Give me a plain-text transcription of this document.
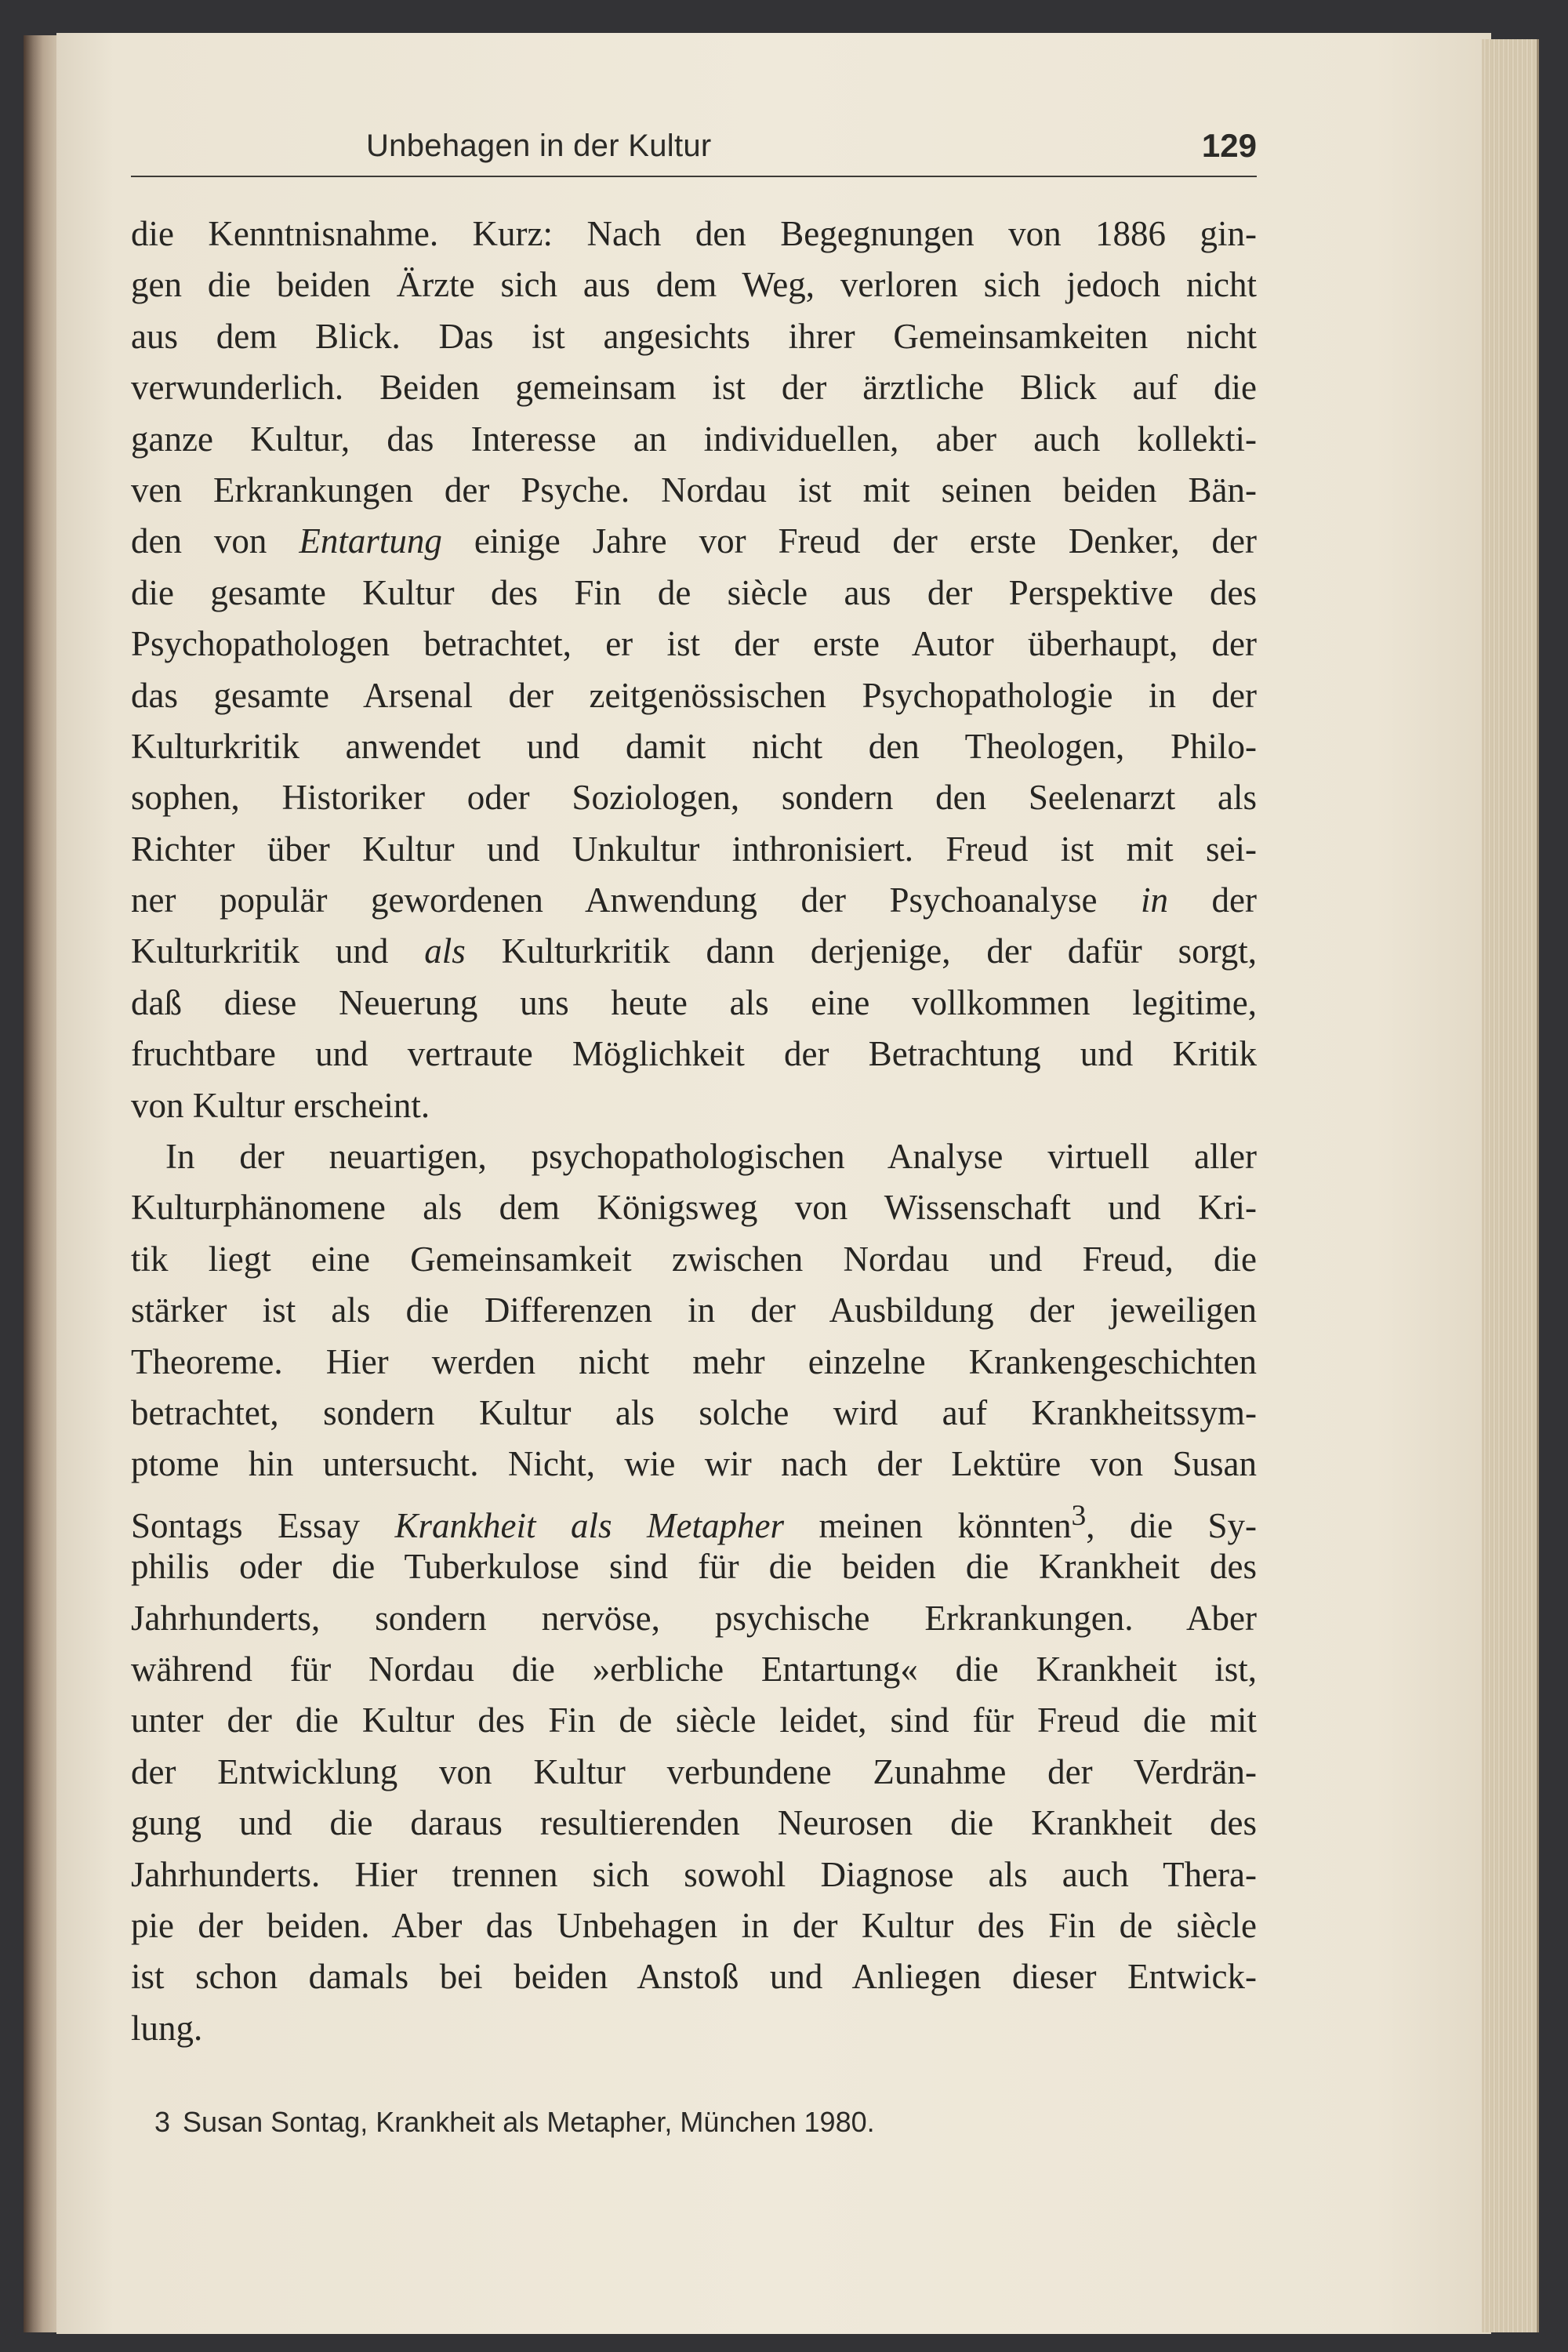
Unbehagen in der Kultur	129
die Kenntnisnahme. Kurz: Nach den Begegnungen von 1886 gin-
gen die beiden Ärzte sich aus dem Weg, verloren sich jedoch nicht
aus dem Blick. Das ist angesichts ihrer Gemeinsamkeiten nicht
verwunderlich. Beiden gemeinsam ist der ärztliche Blick auf die
ganze Kultur, das Interesse an individuellen, aber auch kollekti-
ven Erkrankungen der Psyche. Nordau ist mit seinen beiden Bän-
den von Entartung einige Jahre vor Freud der erste Denker, der
die gesamte Kultur des Fin de siècle aus der Perspektive des
Psychopathologen betrachtet, er ist der erste Autor überhaupt, der
das gesamte Arsenal der zeitgenössischen Psychopathologie in der
Kulturkritik anwendet und damit nicht den Theologen, Philo-
sophen, Historiker oder Soziologen, sondern den Seelenarzt als
Richter über Kultur und Unkultur inthronisiert. Freud ist mit sei-
ner populär gewordenen Anwendung der Psychoanalyse in der
Kulturkritik und als Kulturkritik dann derjenige, der dafür sorgt,
daß diese Neuerung uns heute als eine vollkommen legitime,
fruchtbare und vertraute Möglichkeit der Betrachtung und Kritik
von Kultur erscheint.
In der neuartigen, psychopathologischen Analyse virtuell aller
Kulturphänomene als dem Königsweg von Wissenschaft und Kri-
tik liegt eine Gemeinsamkeit zwischen Nordau und Freud, die
stärker ist als die Differenzen in der Ausbildung der jeweiligen
Theoreme. Hier werden nicht mehr einzelne Krankengeschichten
betrachtet, sondern Kultur als solche wird auf Krankheitssym-
ptome hin untersucht. Nicht, wie wir nach der Lektüre von Susan
Sontags Essay Krankheit als Metapher meinen könnten$^3$, die Sy-
philis oder die Tuberkulose sind für die beiden die Krankheit des
Jahrhunderts, sondern nervöse, psychische Erkrankungen. Aber
während für Nordau die »erbliche Entartung« die Krankheit ist,
unter der die Kultur des Fin de siècle leidet, sind für Freud die mit
der Entwicklung von Kultur verbundene Zunahme der Verdrän-
gung und die daraus resultierenden Neurosen die Krankheit des
Jahrhunderts. Hier trennen sich sowohl Diagnose als auch Thera-
pie der beiden. Aber das Unbehagen in der Kultur des Fin de siècle
ist schon damals bei beiden Anstoß und Anliegen dieser Entwick-
lung.
3 Susan Sontag, Krankheit als Metapher, München 1980.
